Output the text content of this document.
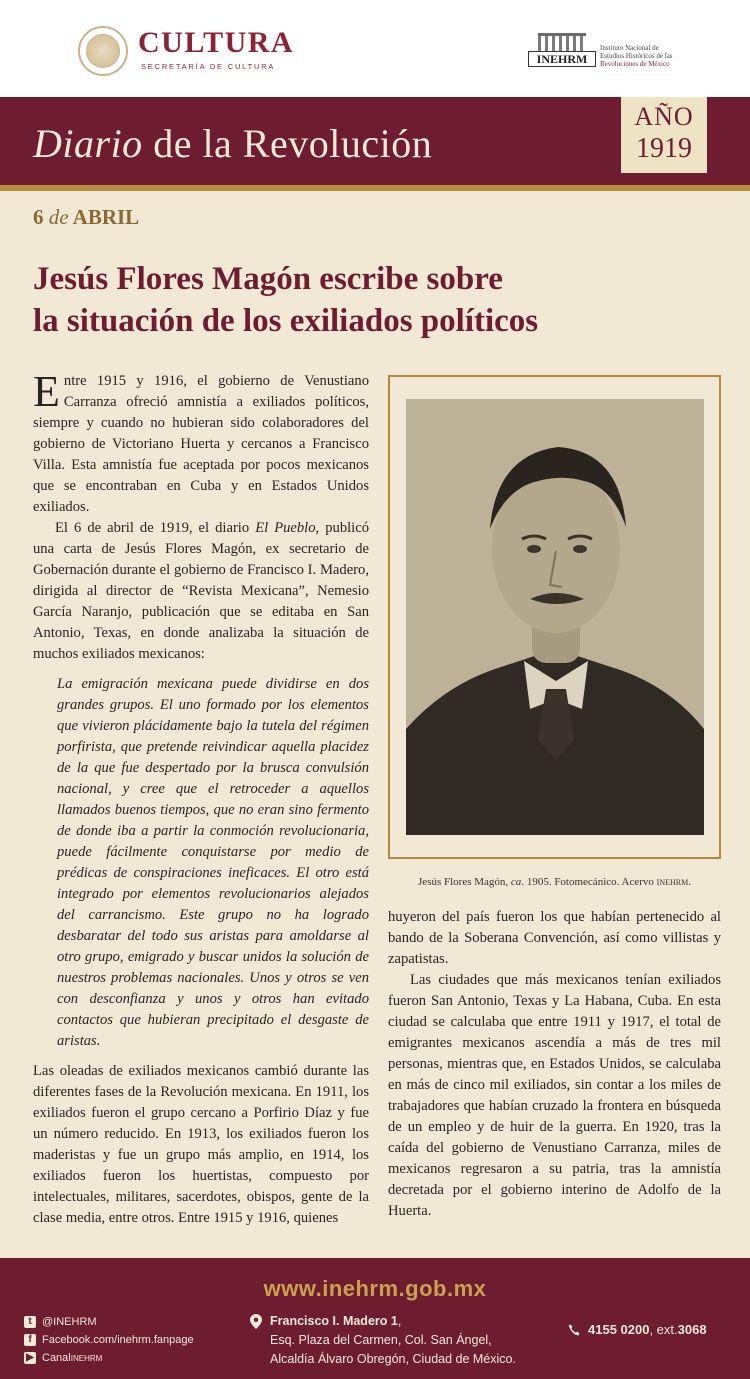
CULTURA
SECRETARÍA DE CULTURA
INEHRM
Instituto Nacional de
Estudios Históricos de las
Revoluciones de México
Diario de la Revolución
AÑO
1919
6 de ABRIL
Jesús Flores Magón escribe sobre
la situación de los exiliados políticos

Entre 1915 y 1916, el gobierno de Venustiano Carranza ofreció amnistía a exiliados políticos, siempre y cuando no hubieran sido colaboradores del gobierno de Victoriano Huerta y cercanos a Francisco Villa. Esta amnistía fue aceptada por pocos mexicanos que se encontraban en Cuba y en Estados Unidos exiliados.

El 6 de abril de 1919, el diario El Pueblo, publicó una carta de Jesús Flores Magón, ex secretario de Gobernación durante el gobierno de Francisco I. Madero, dirigida al director de “Revista Mexicana”, Nemesio García Naranjo, publicación que se editaba en San Antonio, Texas, en donde analizaba la situación de muchos exiliados mexicanos:

La emigración mexicana puede dividirse en dos grandes grupos. El uno formado por los elementos que vivieron plácidamente bajo la tutela del régimen porfirista, que pretende reivindicar aquella placidez de la que fue despertado por la brusca convulsión nacional, y cree que el retroceder a aquellos llamados buenos tiempos, que no eran sino fermento de donde iba a partir la conmoción revolucionaria, puede fácilmente conquistarse por medio de prédicas de conspiraciones ineficaces. El otro está integrado por elementos revolucionarios alejados del carrancismo. Este grupo no ha logrado desbaratar del todo sus aristas para amoldarse al otro grupo, emigrado y buscar unidos la solución de nuestros problemas nacionales. Unos y otros se ven con desconfianza y unos y otros han evitado contactos que hubieran precipitado el desgaste de aristas.

Las oleadas de exiliados mexicanos cambió durante las diferentes fases de la Revolución mexicana. En 1911, los exiliados fueron el grupo cercano a Porfirio Díaz y fue un número reducido. En 1913, los exiliados fueron los maderistas y fue un grupo más amplio, en 1914, los exiliados fueron los huertistas, compuesto por intelectuales, militares, sacerdotes, obispos, gente de la clase media, entre otros. Entre 1915 y 1916, quienes

Jesús Flores Magón, ca. 1905. Fotomecánico. Acervo inehrm.

huyeron del país fueron los que habían pertenecido al bando de la Soberana Convención, así como villistas y zapatistas.

Las ciudades que más mexicanos tenían exiliados fueron San Antonio, Texas y La Habana, Cuba. En esta ciudad se calculaba que entre 1911 y 1917, el total de emigrantes mexicanos ascendía a más de tres mil personas, mientras que, en Estados Unidos, se calculaba en más de cinco mil exiliados, sin contar a los miles de trabajadores que habían cruzado la frontera en búsqueda de un empleo y de huir de la guerra. En 1920, tras la caída del gobierno de Venustiano Carranza, miles de mexicanos regresaron a su patria, tras la amnistía decretada por el gobierno interino de Adolfo de la Huerta.

www.inehrm.gob.mx
t @INEHRM
f Facebook.com/inehrm.fanpage
▶ Canal inehrm
Francisco I. Madero 1,
Esq. Plaza del Carmen, Col. San Ángel,
Alcaldía Álvaro Obregón, Ciudad de México.
4155 0200 , ext. 3068
